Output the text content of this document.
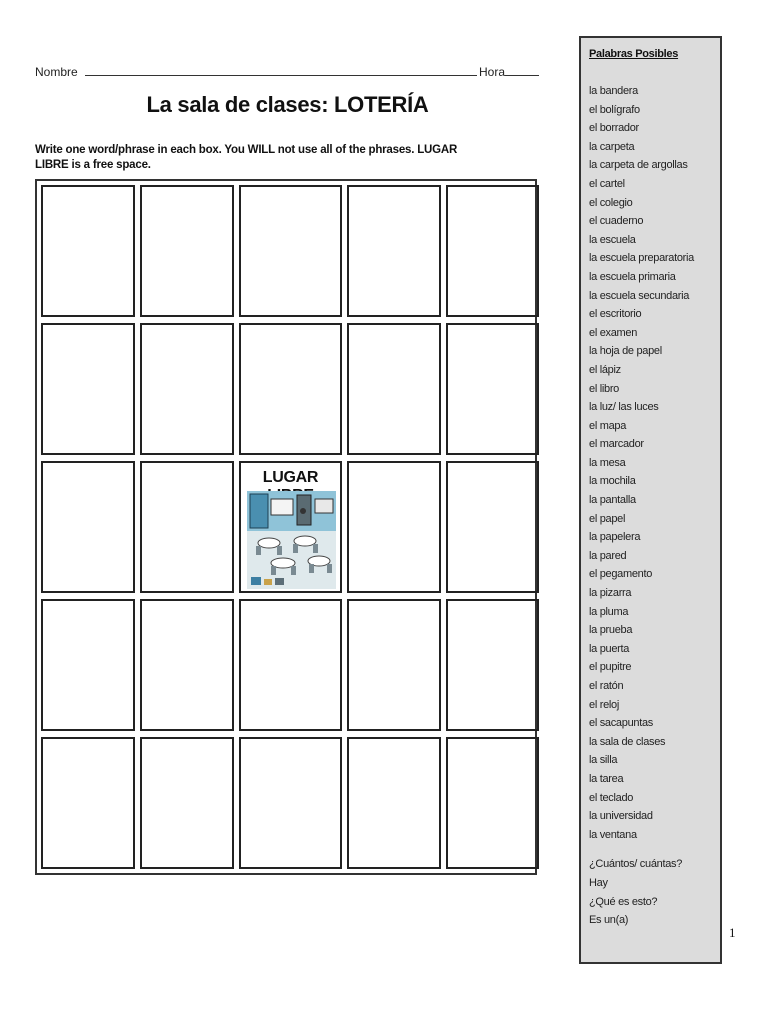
Nombre	Hora
La sala de clases: LOTERÍA
Write one word/phrase in each box. You WILL not use all of the phrases. LUGAR LIBRE is a free space.
LUGAR
Palabras Posibles
la bandera
el bolígrafo
el borrador
la carpeta
la carpeta de argollas
el cartel
el colegio
el cuaderno
la escuela
la escuela preparatoria
la escuela primaria
la escuela secundaria
el escritorio
el examen
la hoja de papel
el lápiz
el libro
la luz/ las luces
el mapa
el marcador
la mesa
la mochila
la pantalla
el papel
la papelera
la pared
el pegamento
la pizarra
la pluma
la prueba
la puerta
el pupitre
el ratón
el reloj
el sacapuntas
la sala de clases
la silla
la tarea
el teclado
la universidad
la ventana
¿Cuántos/ cuántas?
Hay
¿Qué es esto?
Es un(a)
1
